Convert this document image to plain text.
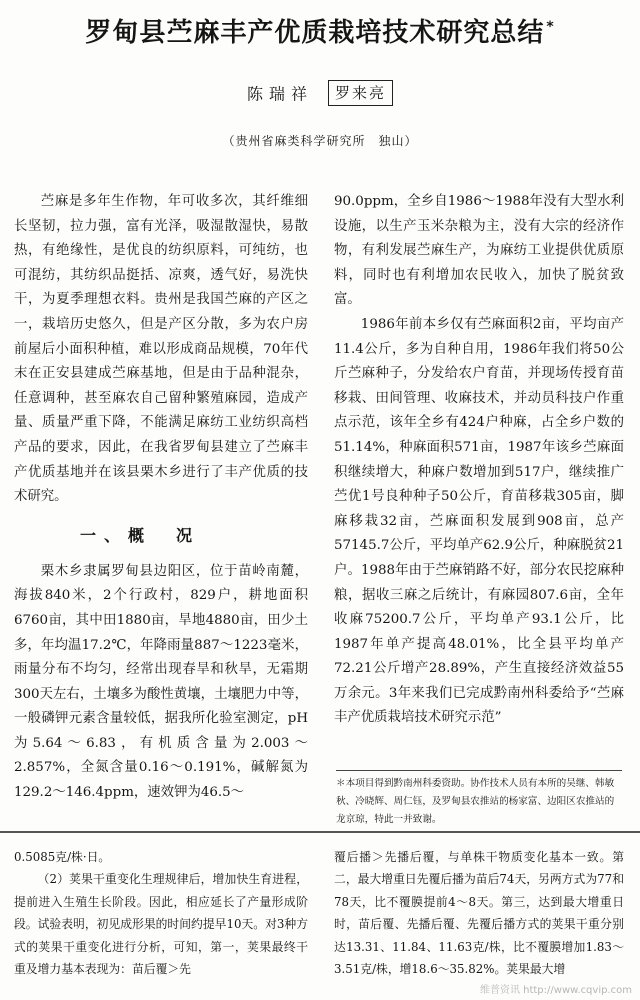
罗甸县苎麻丰产优质栽培技术研究总结 *
陈瑞祥 罗来亮
（贵州省麻类科学研究所　独山）

苎麻是多年生作物，年可收多次，其纤维细长坚韧，拉力强，富有光泽，吸湿散湿快，易散热，有绝缘性，是优良的纺织原料，可纯纺，也可混纺，其纺织品挺括、凉爽，透气好，易洗快干，为夏季理想衣料。贵州是我国苎麻的产区之一，栽培历史悠久，但是产区分散，多为农户房前屋后小面积种植，难以形成商品规模，70年代末在正安县建成苎麻基地，但是由于品种混杂，任意调种，甚至麻农自己留种繁殖麻园，造成产量、质量严重下降，不能满足麻纺工业纺织高档产品的要求，因此，在我省罗甸县建立了苎麻丰产优质基地并在该县栗木乡进行了丰产优质的技术研究。

一、概　况

栗木乡隶属罗甸县边阳区，位于苗岭南麓，海拔840米，2个行政村，829户，耕地面积6760亩，其中田1880亩，旱地4880亩，田少土多，年均温17.2℃，年降雨量887～1223毫米，雨量分布不均匀，经常出现春旱和秋旱，无霜期300天左右，土壤多为酸性黄壤，土壤肥力中等，一般磷钾元素含量较低，据我所化验室测定，pH为5.64～6.83，有机质含量为2.003～2.857%，全氮含量0.16～0.191%，碱解氮为129.2～146.4ppm，速效钾为46.5～

90.0ppm，全乡自1986～1988年没有大型水利设施，以生产玉米杂粮为主，没有大宗的经济作物，有利发展苎麻生产，为麻纺工业提供优质原料，同时也有利增加农民收入，加快了脱贫致富。

1986年前本乡仅有苎麻面积2亩，平均亩产11.4公斤，多为自种自用，1986年我们将50公斤苎麻种子，分发给农户育苗，并现场传授育苗移栽、田间管理、收麻技术，并动员科技户作重点示范，该年全乡有424户种麻，占全乡户数的51.14%，种麻面积571亩，1987年该乡苎麻面积继续增大，种麻户数增加到517户，继续推广苎优1号良种种子50公斤，育苗移栽305亩，脚麻移栽32亩，苎麻面积发展到908亩，总产57145.7公斤，平均单产62.9公斤，种麻脱贫21户。1988年由于苎麻销路不好，部分农民挖麻种粮，据收三麻之后统计，有麻园807.6亩，全年收麻75200.7公斤，平均单产93.1公斤，比1987年单产提高48.01%，比全县平均单产72.21公斤增产28.89%，产生直接经济效益55万余元。3年来我们已完成黔南州科委给予“苎麻丰产优质栽培技术研究示范”

＊本项目得到黔南州科委资助。协作技术人员有本所的吴继、韩敏秋、冷晓辉、周仁钰，及罗甸县农推站的杨家富、边阳区农推站的龙京琼，特此一并致谢。

0.5085克/株·日。

（2）荚果干重变化生理规律后，增加快生育进程，提前进入生殖生长阶段。因此，相应延长了产量形成阶段。试验表明，初见成形果的时间约提早10天。对3种方式的荚果干重变化进行分析，可知，第一，荚果最终干重及增力基本表现为：苗后覆＞先

覆后播＞先播后覆，与单株干物质变化基本一致。第二，最大增重日先覆后播为苗后74天，另两方式为77和78天，比不覆膜提前4～8天。第三，达到最大增重日时，苗后覆、先播后覆、先覆后播方式的荚果干重分别达13.31、11.84、11.63克/株，比不覆膜增加1.83～3.51克/株，增18.6～35.82%。荚果最大增

维普资讯 http://www.cqvip.com
